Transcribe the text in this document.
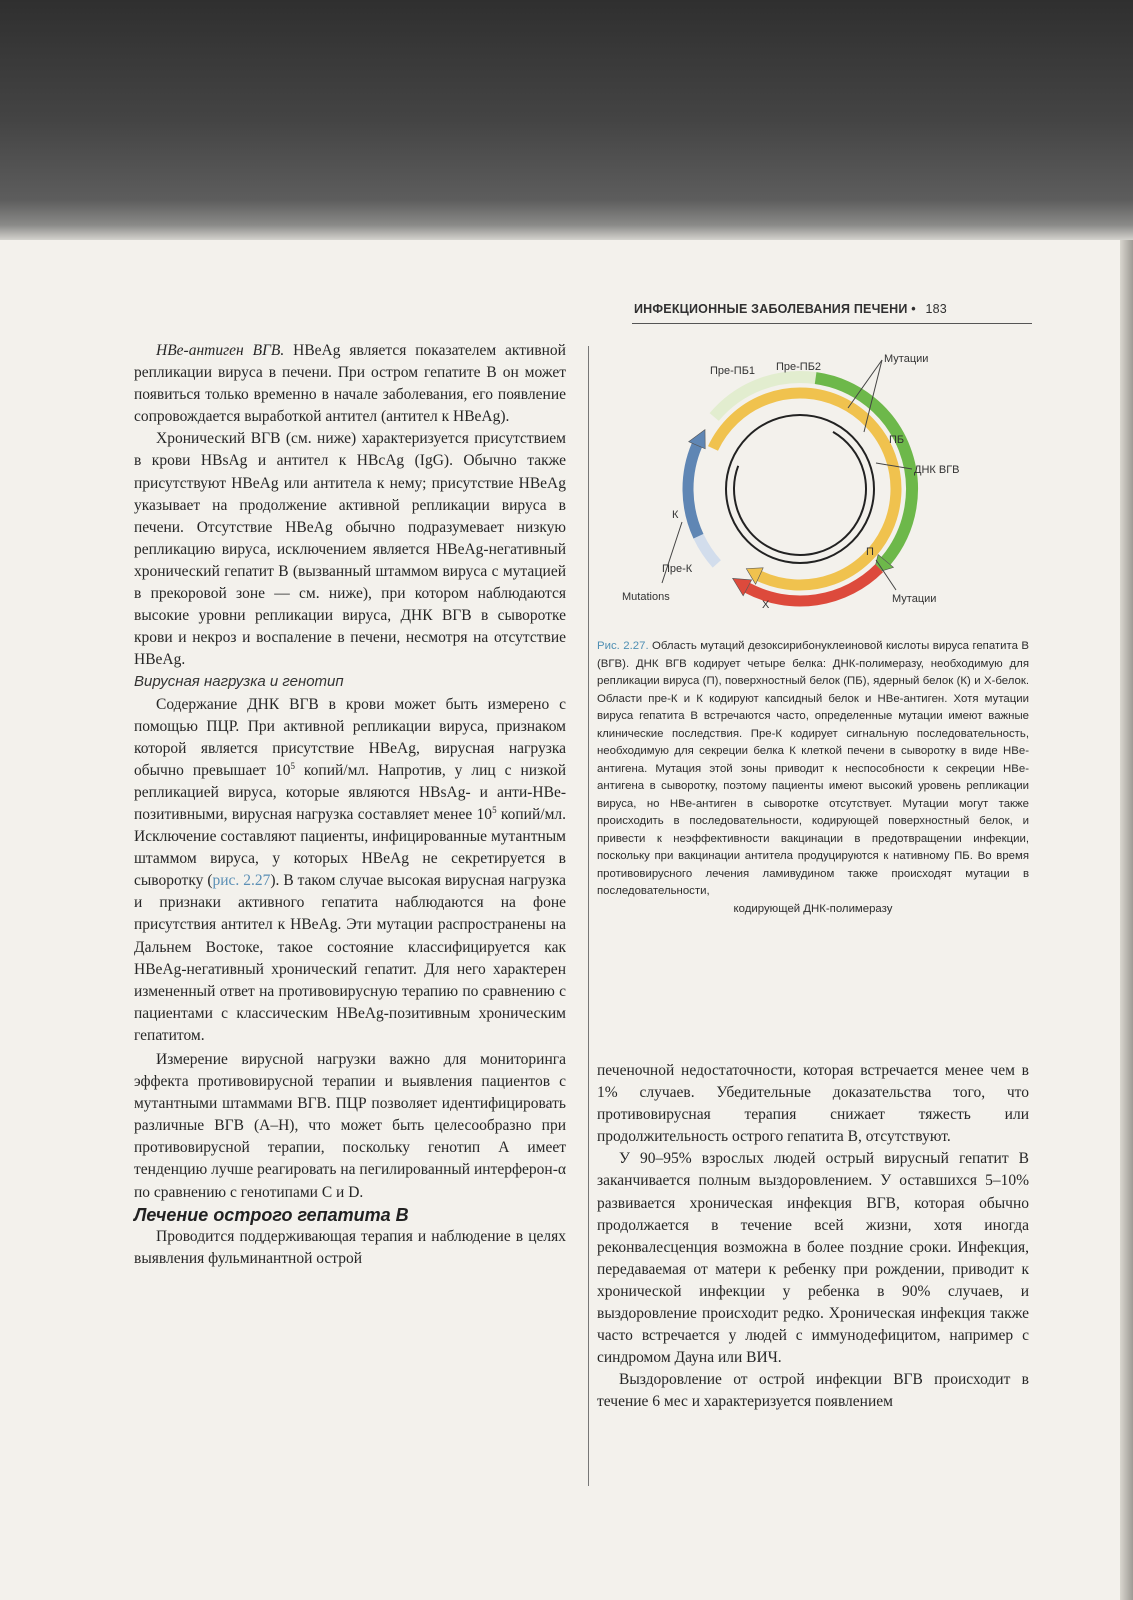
ИНФЕКЦИОННЫЕ ЗАБОЛЕВАНИЯ ПЕЧЕНИ • 183

HBe-антиген ВГВ. HBeAg является показателем активной репликации вируса в печени. При остром гепатите В он может появиться только временно в начале заболевания, его появление сопровождается выработкой антител (антител к HBeAg).

Хронический ВГВ (см. ниже) характеризуется присутствием в крови HBsAg и антител к HBcAg (IgG). Обычно также присутствуют HBeAg или антитела к нему; присутствие HBeAg указывает на продолжение активной репликации вируса в печени. Отсутствие HBeAg обычно подразумевает низкую репликацию вируса, исключением является HBeAg-негативный хронический гепатит В (вызванный штаммом вируса с мутацией в прекоровой зоне — см. ниже), при котором наблюдаются высокие уровни репликации вируса, ДНК ВГВ в сыворотке крови и некроз и воспаление в печени, несмотря на отсутствие HBeAg.

Вирусная нагрузка и генотип

Содержание ДНК ВГВ в крови может быть измерено с помощью ПЦР. При активной репликации вируса, признаком которой является присутствие HBeAg, вирусная нагрузка обычно превышает $10^5$ копий/мл. Напротив, у лиц с низкой репликацией вируса, которые являются HBsAg- и анти-HBe-позитивными, вирусная нагрузка составляет менее $10^5$ копий/мл. Исключение составляют пациенты, инфицированные мутантным штаммом вируса, у которых HBeAg не секретируется в сыворотку (рис. 2.27). В таком случае высокая вирусная нагрузка и признаки активного гепатита наблюдаются на фоне присутствия антител к HBeAg. Эти мутации распространены на Дальнем Востоке, такое состояние классифицируется как HBeAg-негативный хронический гепатит. Для него характерен измененный ответ на противовирусную терапию по сравнению с пациентами с классическим HBeAg-позитивным хроническим гепатитом.

Измерение вирусной нагрузки важно для мониторинга эффекта противовирусной терапии и выявления пациентов с мутантными штаммами ВГВ. ПЦР позволяет идентифицировать различные ВГВ (А–Н), что может быть целесообразно при противовирусной терапии, поскольку генотип А имеет тенденцию лучше реагировать на пегилированный интерферон-α по сравнению с генотипами С и D.

Лечение острого гепатита В

Проводится поддерживающая терапия и наблюдение в целях выявления фульминантной острой

Пре-ПБ1 Пре-ПБ2
Мутации
ПБ
ДНК ВГВ
К
Пре-К
П
Mutations
Х	Мутации
Рис. 2.27. Область мутаций дезоксирибонуклеиновой кислоты вируса гепатита В (ВГВ). ДНК ВГВ кодирует четыре белка: ДНК-полимеразу, необходимую для репликации вируса (П), поверхностный белок (ПБ), ядерный белок (К) и Х-белок. Области пре-К и К кодируют капсидный белок и HBe-антиген. Хотя мутации вируса гепатита В встречаются часто, определенные мутации имеют важные клинические последствия. Пре-К кодирует сигнальную последовательность, необходимую для секреции белка К клеткой печени в сыворотку в виде HBe-антигена. Мутация этой зоны приводит к неспособности к секреции HBe-антигена в сыворотку, поэтому пациенты имеют высокий уровень репликации вируса, но HBe-антиген в сыворотке отсутствует. Мутации могут также происходить в последовательности, кодирующей поверхностный белок, и привести к неэффективности вакцинации в предотвращении инфекции, поскольку при вакцинации антитела продуцируются к нативному ПБ. Во время противовирусного лечения ламивудином также происходят мутации в последовательности,
кодирующей ДНК-полимеразу

печеночной недостаточности, которая встречается менее чем в 1% случаев. Убедительные доказательства того, что противовирусная терапия снижает тяжесть или продолжительность острого гепатита В, отсутствуют.

У 90–95% взрослых людей острый вирусный гепатит В заканчивается полным выздоровлением. У оставшихся 5–10% развивается хроническая инфекция ВГВ, которая обычно продолжается в течение всей жизни, хотя иногда реконвалесценция возможна в более поздние сроки. Инфекция, передаваемая от матери к ребенку при рождении, приводит к хронической инфекции у ребенка в 90% случаев, и выздоровление происходит редко. Хроническая инфекция также часто встречается у людей с иммунодефицитом, например с синдромом Дауна или ВИЧ.

Выздоровление от острой инфекции ВГВ происходит в течение 6 мес и характеризуется появлением
